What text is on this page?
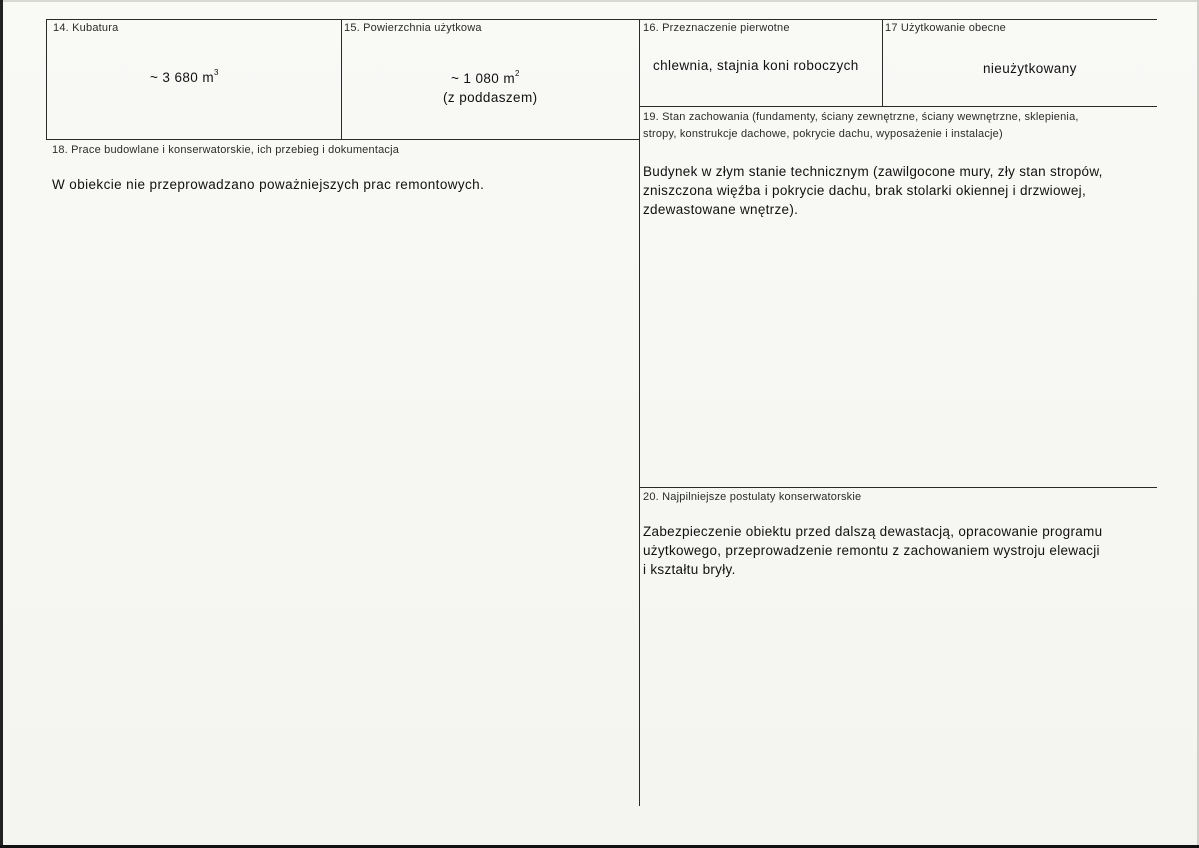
14. Kubatura
~ 3 680 $m^3$
15. Powierzchnia użytkowa
~ 1 080 $m^2$
(z poddaszem)
16. Przeznaczenie pierwotne
chlewnia, stajnia koni roboczych
17 Użytkowanie obecne
nieużytkowany
18. Prace budowlane i konserwatorskie, ich przebieg i dokumentacja
W obiekcie nie przeprowadzano poważniejszych prac remontowych.
19. Stan zachowania (fundamenty, ściany zewnętrzne, ściany wewnętrzne, sklepienia,
stropy, konstrukcje dachowe, pokrycie dachu, wyposażenie i instalacje)
Budynek w złym stanie technicznym (zawilgocone mury, zły stan stropów,
zniszczona więźba i pokrycie dachu, brak stolarki okiennej i drzwiowej,
zdewastowane wnętrze).
20. Najpilniejsze postulaty konserwatorskie
Zabezpieczenie obiektu przed dalszą dewastacją, opracowanie programu
użytkowego, przeprowadzenie remontu z zachowaniem wystroju elewacji
i kształtu bryły.
